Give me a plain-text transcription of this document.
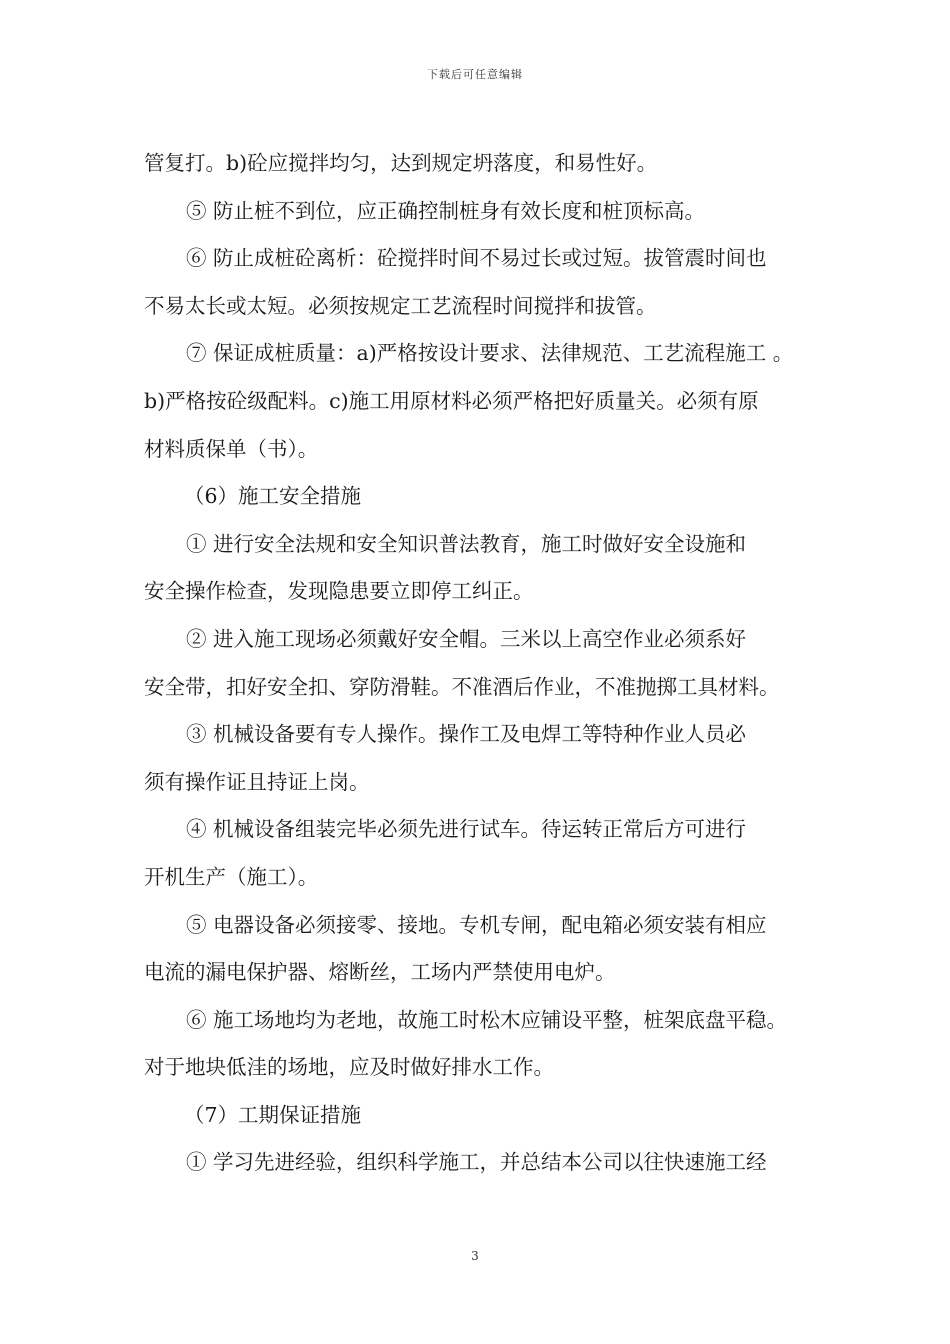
下载后可任意编辑
管复打。b)砼应搅拌均匀，达到规定坍落度，和易性好。
⑤ 防止桩不到位，应正确控制桩身有效长度和桩顶标高。
⑥ 防止成桩砼离析：砼搅拌时间不易过长或过短。拔管震时间也
不易太长或太短。必须按规定工艺流程时间搅拌和拔管。
⑦ 保证成桩质量：a)严格按设计要求、法律规范、工艺流程施工 。
b)严格按砼级配料。c)施工用原材料必须严格把好质量关。必须有原
材料质保单（书）。
（6）施工安全措施
① 进行安全法规和安全知识普法教育，施工时做好安全设施和
安全操作检查，发现隐患要立即停工纠正。
② 进入施工现场必须戴好安全帽。三米以上高空作业必须系好
安全带，扣好安全扣、穿防滑鞋。不准酒后作业，不准抛掷工具材料。
③ 机械设备要有专人操作。操作工及电焊工等特种作业人员必
须有操作证且持证上岗。
④ 机械设备组装完毕必须先进行试车。待运转正常后方可进行
开机生产（施工）。
⑤ 电器设备必须接零、接地。专机专闸，配电箱必须安装有相应
电流的漏电保护器、熔断丝，工场内严禁使用电炉。
⑥ 施工场地均为老地，故施工时松木应铺设平整，桩架底盘平稳。
对于地块低洼的场地，应及时做好排水工作。
（7）工期保证措施
① 学习先进经验，组织科学施工，并总结本公司以往快速施工经
3
